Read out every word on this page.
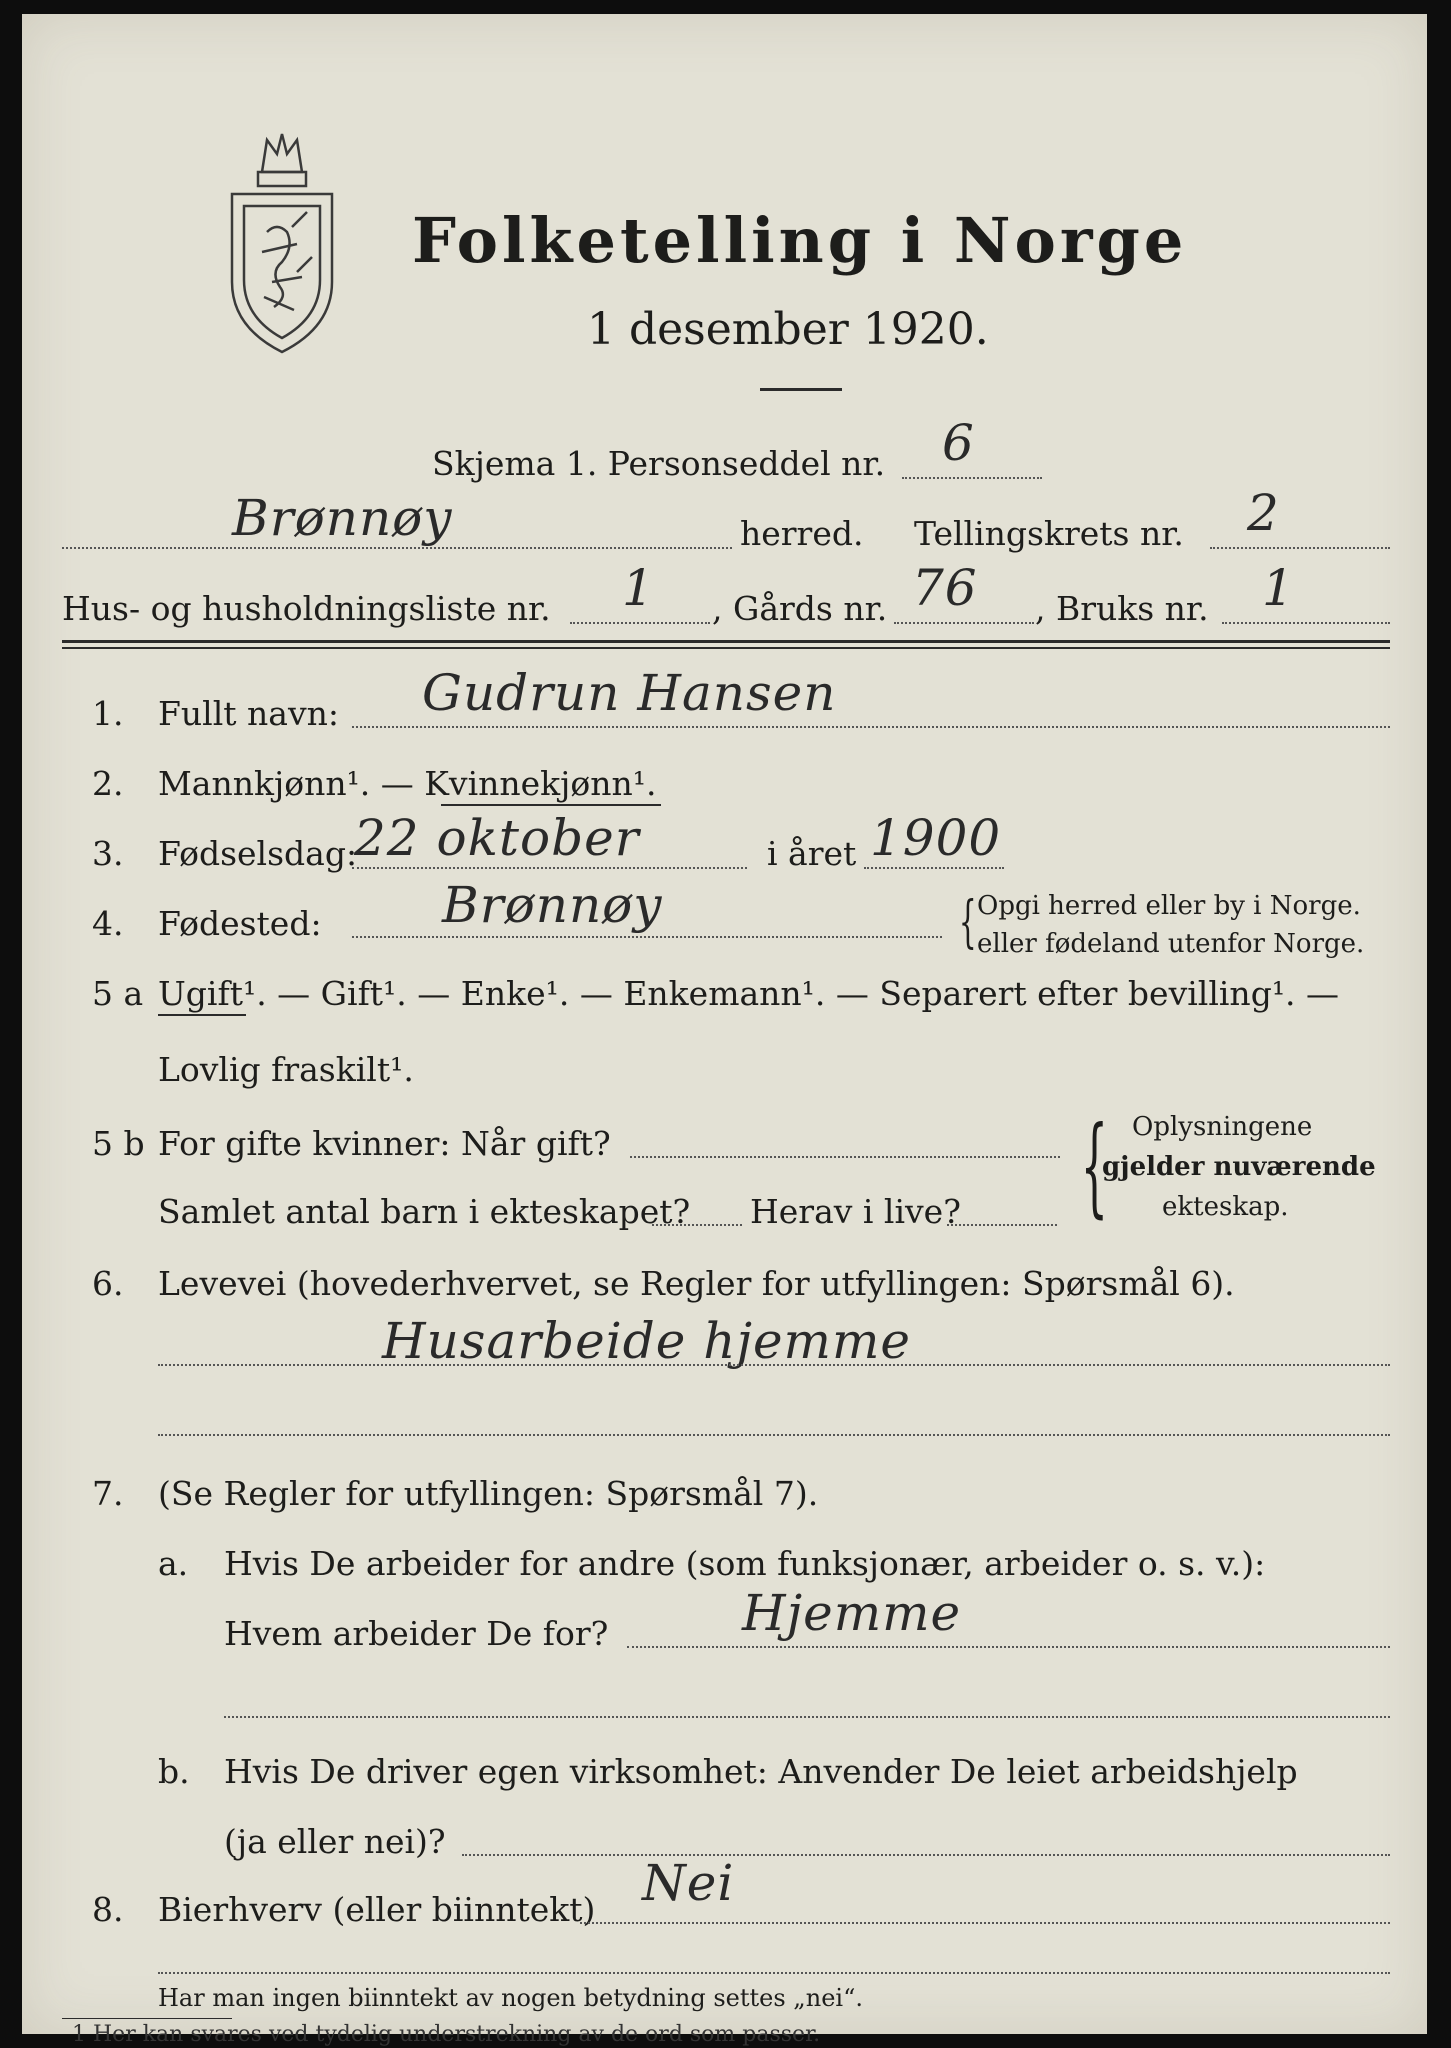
Folketelling i Norge
1 desember 1920.
Skjema 1. Personseddel nr. 6
Brønnøy	herred. Tellingskrets nr. 2
Hus- og husholdningsliste nr. 1 , Gårds nr. 76 , Bruks nr. 1
1. Fullt navn: Gudrun Hansen
2. Mannkjønn¹. — Kvinnekjønn¹.
3. Fødselsdag:
22 oktober	i året 1900
4. Fødested: Brønnøy	{ Opgi herred eller by i Norge.
eller fødeland utenfor Norge.
5 a Ugift¹. — Gift¹. — Enke¹. — Enkemann¹. — Separert efter bevilling¹. —
Lovlig fraskilt¹.
5 b For gifte kvinner: Når gift?
Samlet antal barn i ekteskapet? Herav i live? { Oplysningene
gjelder nuværende
ekteskap.
6. Levevei (hovederhvervet, se Regler for utfyllingen: Spørsmål 6).
Husarbeide hjemme
7. (Se Regler for utfyllingen: Spørsmål 7).
a. Hvis De arbeider for andre (som funksjonær, arbeider o. s. v.):
Hvem arbeider De for?	Hjemme
b. Hvis De driver egen virksomhet: Anvender De leiet arbeidshjelp
(ja eller nei)?
8. Bierhverv (eller biinntekt) Nei
Har man ingen biinntekt av nogen betydning settes „nei“.
1 Her kan svares ved tydelig understrekning av de ord som passer.
